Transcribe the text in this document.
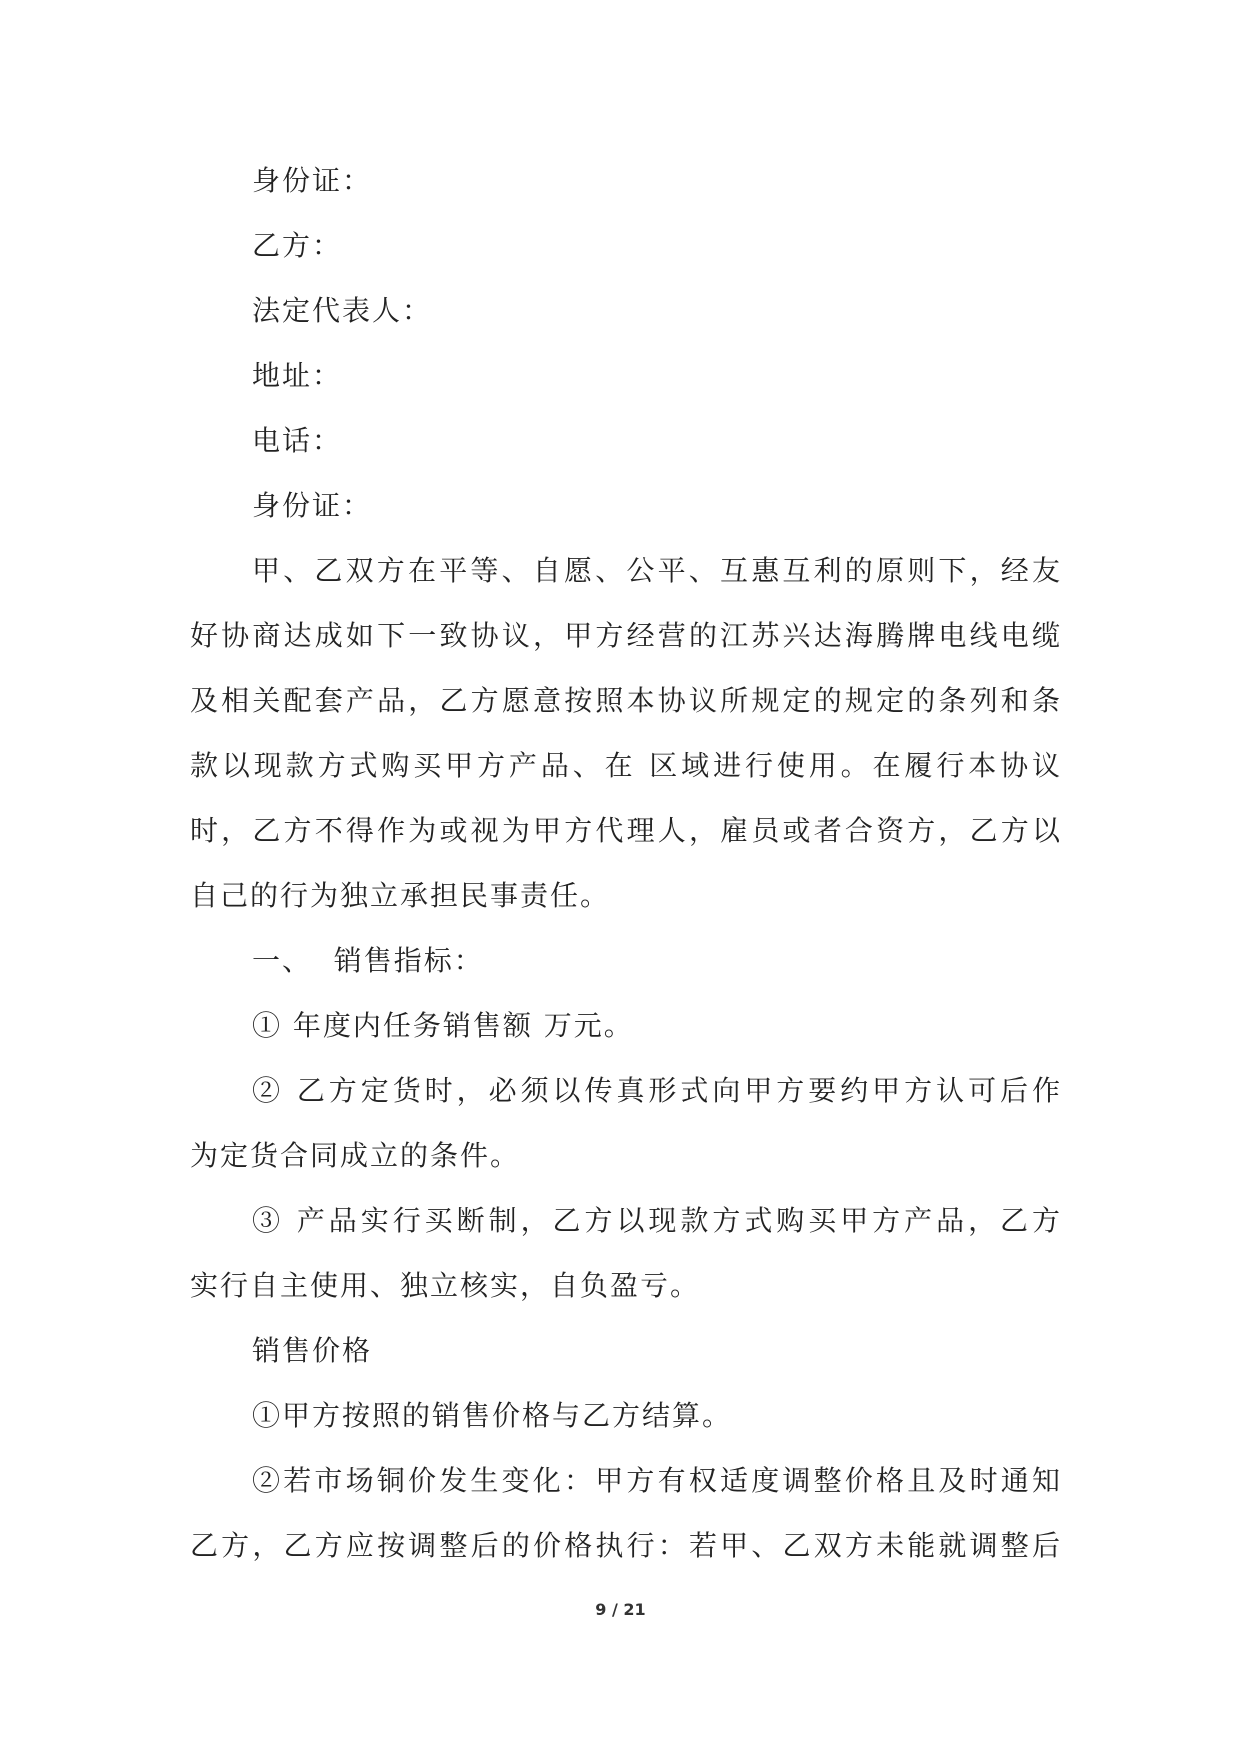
身份证：
乙方：
法定代表人：
地址：
电话：
身份证：
甲、乙双方在平等、自愿、公平、互惠互利的原则下，经友
好协商达成如下一致协议，甲方经营的江苏兴达海腾牌电线电缆
及相关配套产品，乙方愿意按照本协议所规定的规定的条列和条
款以现款方式购买甲方产品、在 区域进行使用。在履行本协议
时，乙方不得作为或视为甲方代理人，雇员或者合资方，乙方以
自己的行为独立承担民事责任。
一、  销售指标：
① 年度内任务销售额 万元。
② 乙方定货时，必须以传真形式向甲方要约甲方认可后作
为定货合同成立的条件。
③ 产品实行买断制，乙方以现款方式购买甲方产品，乙方
实行自主使用、独立核实，自负盈亏。
销售价格
①甲方按照的销售价格与乙方结算。
②若市场铜价发生变化：甲方有权适度调整价格且及时通知
乙方，乙方应按调整后的价格执行：若甲、乙双方未能就调整后
9 / 21
